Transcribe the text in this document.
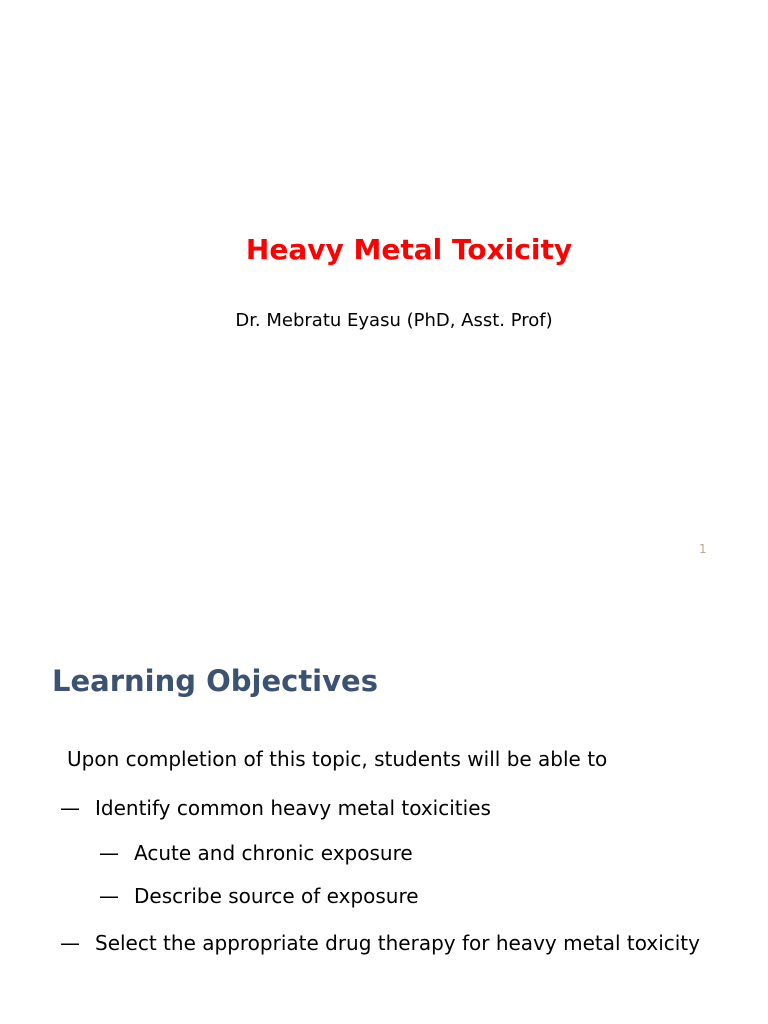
Heavy Metal Toxicity
Dr. Mebratu Eyasu (PhD, Asst. Prof)
1
Learning Objectives
Upon completion of this topic, students will be able to
— Identify common heavy metal toxicities
— Acute and chronic exposure
— Describe source of exposure
— Select the appropriate drug therapy for heavy metal toxicity
